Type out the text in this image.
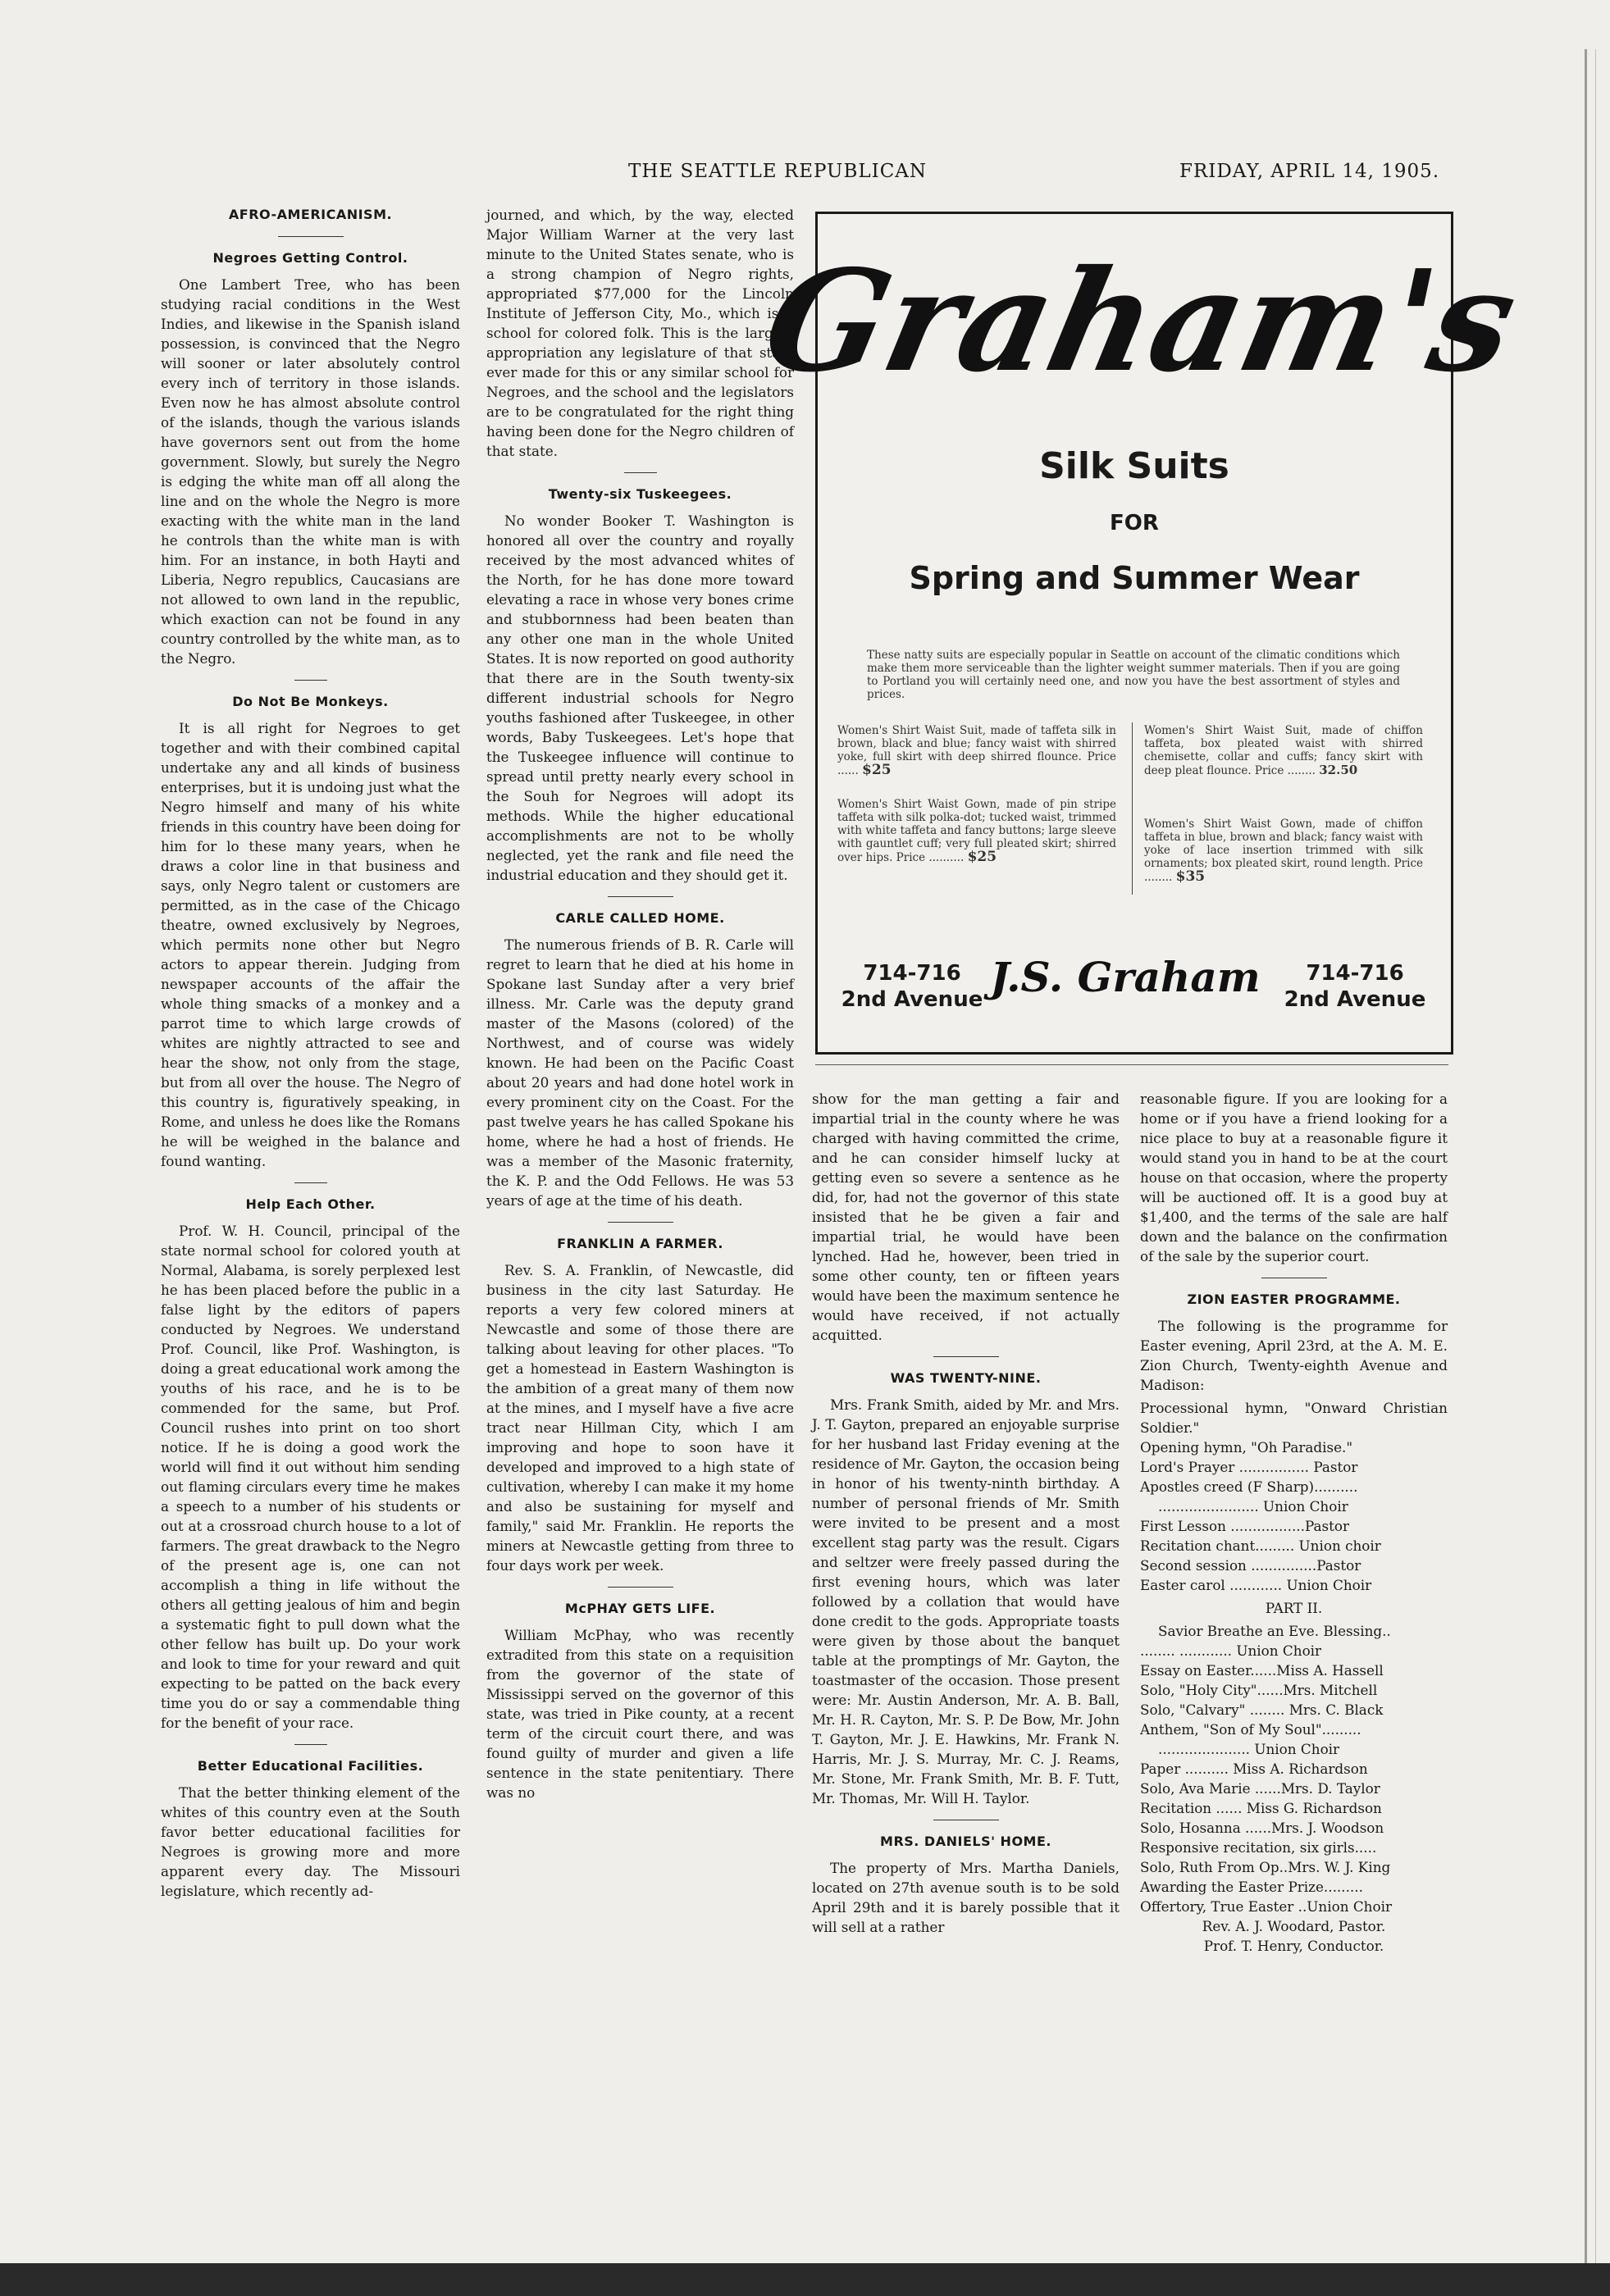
THE SEATTLE REPUBLICAN	FRIDAY, APRIL 14, 1905.
AFRO-AMERICANISM.
Negroes Getting Control.

One Lambert Tree, who has been studying racial conditions in the West Indies, and likewise in the Spanish island possession, is convinced that the Negro will sooner or later absolutely control every inch of territory in those islands. Even now he has almost absolute control of the islands, though the various islands have governors sent out from the home government. Slowly, but surely the Negro is edging the white man off all along the line and on the whole the Negro is more exacting with the white man in the land he controls than the white man is with him. For an instance, in both Hayti and Liberia, Negro republics, Caucasians are not allowed to own land in the republic, which exaction can not be found in any country controlled by the white man, as to the Negro.

Do Not Be Monkeys.

It is all right for Negroes to get together and with their combined capital undertake any and all kinds of business enterprises, but it is undoing just what the Negro himself and many of his white friends in this country have been doing for him for lo these many years, when he draws a color line in that business and says, only Negro talent or customers are permitted, as in the case of the Chicago theatre, owned exclusively by Negroes, which permits none other but Negro actors to appear therein. Judging from newspaper accounts of the affair the whole thing smacks of a monkey and a parrot time to which large crowds of whites are nightly attracted to see and hear the show, not only from the stage, but from all over the house. The Negro of this country is, figuratively speaking, in Rome, and unless he does like the Romans he will be weighed in the balance and found wanting.

Help Each Other.

Prof. W. H. Council, principal of the state normal school for colored youth at Normal, Alabama, is sorely perplexed lest he has been placed before the public in a false light by the editors of papers conducted by Negroes. We understand Prof. Council, like Prof. Washington, is doing a great educational work among the youths of his race, and he is to be commended for the same, but Prof. Council rushes into print on too short notice. If he is doing a good work the world will find it out without him sending out flaming circulars every time he makes a speech to a number of his students or out at a crossroad church house to a lot of farmers. The great drawback to the Negro of the present age is, one can not accomplish a thing in life without the others all getting jealous of him and begin a systematic fight to pull down what the other fellow has built up. Do your work and look to time for your reward and quit expecting to be patted on the back every time you do or say a commendable thing for the benefit of your race.

Better Educational Facilities.

That the better thinking element of the whites of this country even at the South favor better educational facilities for Negroes is growing more and more apparent every day. The Missouri legislature, which recently ad-

journed, and which, by the way, elected Major William Warner at the very last minute to the United States senate, who is a strong champion of Negro rights, appropriated $77,000 for the Lincoln Institute of Jefferson City, Mo., which is a school for colored folk. This is the largest appropriation any legislature of that state ever made for this or any similar school for Negroes, and the school and the legislators are to be congratulated for the right thing having been done for the Negro children of that state.

Twenty-six Tuskeegees.

No wonder Booker T. Washington is honored all over the country and royally received by the most advanced whites of the North, for he has done more toward elevating a race in whose very bones crime and stubbornness had been beaten than any other one man in the whole United States. It is now reported on good authority that there are in the South twenty-six different industrial schools for Negro youths fashioned after Tuskeegee, in other words, Baby Tuskeegees. Let's hope that the Tuskeegee influence will continue to spread until pretty nearly every school in the Souh for Negroes will adopt its methods. While the higher educational accomplishments are not to be wholly neglected, yet the rank and file need the industrial education and they should get it.

CARLE CALLED HOME.

The numerous friends of B. R. Carle will regret to learn that he died at his home in Spokane last Sunday after a very brief illness. Mr. Carle was the deputy grand master of the Masons (colored) of the Northwest, and of course was widely known. He had been on the Pacific Coast about 20 years and had done hotel work in every prominent city on the Coast. For the past twelve years he has called Spokane his home, where he had a host of friends. He was a member of the Masonic fraternity, the K. P. and the Odd Fellows. He was 53 years of age at the time of his death.

FRANKLIN A FARMER.

Rev. S. A. Franklin, of Newcastle, did business in the city last Saturday. He reports a very few colored miners at Newcastle and some of those there are talking about leaving for other places. "To get a homestead in Eastern Washington is the ambition of a great many of them now at the mines, and I myself have a five acre tract near Hillman City, which I am improving and hope to soon have it developed and improved to a high state of cultivation, whereby I can make it my home and also be sustaining for myself and family," said Mr. Franklin. He reports the miners at Newcastle getting from three to four days work per week.

McPHAY GETS LIFE.

William McPhay, who was recently extradited from this state on a requisition from the governor of the state of Mississippi served on the governor of this state, was tried in Pike county, at a recent term of the circuit court there, and was found guilty of murder and given a life sentence in the state penitentiary. There was no

Graham's
Silk Suits
FOR
Spring and Summer Wear
These natty suits are especially popular in Seattle on account of the climatic conditions which make them more serviceable than the lighter weight summer materials. Then if you are going to Portland you will certainly need one, and now you have the best assortment of styles and prices.
Women's Shirt Waist Suit, made of taffeta silk in brown, black and blue; fancy waist with shirred yoke, full skirt with deep shirred flounce. Price ...... $25
Women's Shirt Waist Suit, made of chiffon taffeta, box pleated waist with shirred chemisette, collar and cuffs; fancy skirt with deep pleat flounce. Price ........ 32.50
Women's Shirt Waist Gown, made of pin stripe taffeta with silk polka-dot; tucked waist, trimmed with white taffeta and fancy buttons; large sleeve with gauntlet cuff; very full pleated skirt; shirred over hips. Price .......... $25
Women's Shirt Waist Gown, made of chiffon taffeta in blue, brown and black; fancy waist with yoke of lace insertion trimmed with silk ornaments; box pleated skirt, round length. Price ........ $35
714-716
2nd Avenue J.S. Graham	714-716
2nd Avenue

show for the man getting a fair and impartial trial in the county where he was charged with having committed the crime, and he can consider himself lucky at getting even so severe a sentence as he did, for, had not the governor of this state insisted that he be given a fair and impartial trial, he would have been lynched. Had he, however, been tried in some other county, ten or fifteen years would have been the maximum sentence he would have received, if not actually acquitted.

WAS TWENTY-NINE.

Mrs. Frank Smith, aided by Mr. and Mrs. J. T. Gayton, prepared an enjoyable surprise for her husband last Friday evening at the residence of Mr. Gayton, the occasion being in honor of his twenty-ninth birthday. A number of personal friends of Mr. Smith were invited to be present and a most excellent stag party was the result. Cigars and seltzer were freely passed during the first evening hours, which was later followed by a collation that would have done credit to the gods. Appropriate toasts were given by those about the banquet table at the promptings of Mr. Gayton, the toastmaster of the occasion. Those present were: Mr. Austin Anderson, Mr. A. B. Ball, Mr. H. R. Cayton, Mr. S. P. De Bow, Mr. John T. Gayton, Mr. J. E. Hawkins, Mr. Frank N. Harris, Mr. J. S. Murray, Mr. C. J. Reams, Mr. Stone, Mr. Frank Smith, Mr. B. F. Tutt, Mr. Thomas, Mr. Will H. Taylor.

MRS. DANIELS' HOME.

The property of Mrs. Martha Daniels, located on 27th avenue south is to be sold April 29th and it is barely possible that it will sell at a rather

reasonable figure. If you are looking for a home or if you have a friend looking for a nice place to buy at a reasonable figure it would stand you in hand to be at the court house on that occasion, where the property will be auctioned off. It is a good buy at $1,400, and the terms of the sale are half down and the balance on the confirmation of the sale by the superior court.

ZION EASTER PROGRAMME.

The following is the programme for Easter evening, April 23rd, at the A. M. E. Zion Church, Twenty-eighth Avenue and Madison:

Processional hymn, "Onward Christian Soldier."
Opening hymn, "Oh Paradise."
Lord's Prayer ................ Pastor
Apostles creed (F Sharp)..........
....................... Union Choir
First Lesson .................Pastor
Recitation chant......... Union choir
Second session ...............Pastor
Easter carol ............ Union Choir
PART II.
Savior Breathe an Eve. Blessing..
........ ............ Union Choir
Essay on Easter......Miss A. Hassell
Solo, "Holy City"......Mrs. Mitchell
Solo, "Calvary" ........ Mrs. C. Black
Anthem, "Son of My Soul".........
..................... Union Choir
Paper .......... Miss A. Richardson
Solo, Ava Marie ......Mrs. D. Taylor
Recitation ...... Miss G. Richardson
Solo, Hosanna ......Mrs. J. Woodson
Responsive recitation, six girls.....
Solo, Ruth From Op..Mrs. W. J. King
Awarding the Easter Prize.........
Offertory, True Easter ..Union Choir
Rev. A. J. Woodard, Pastor.
Prof. T. Henry, Conductor.
